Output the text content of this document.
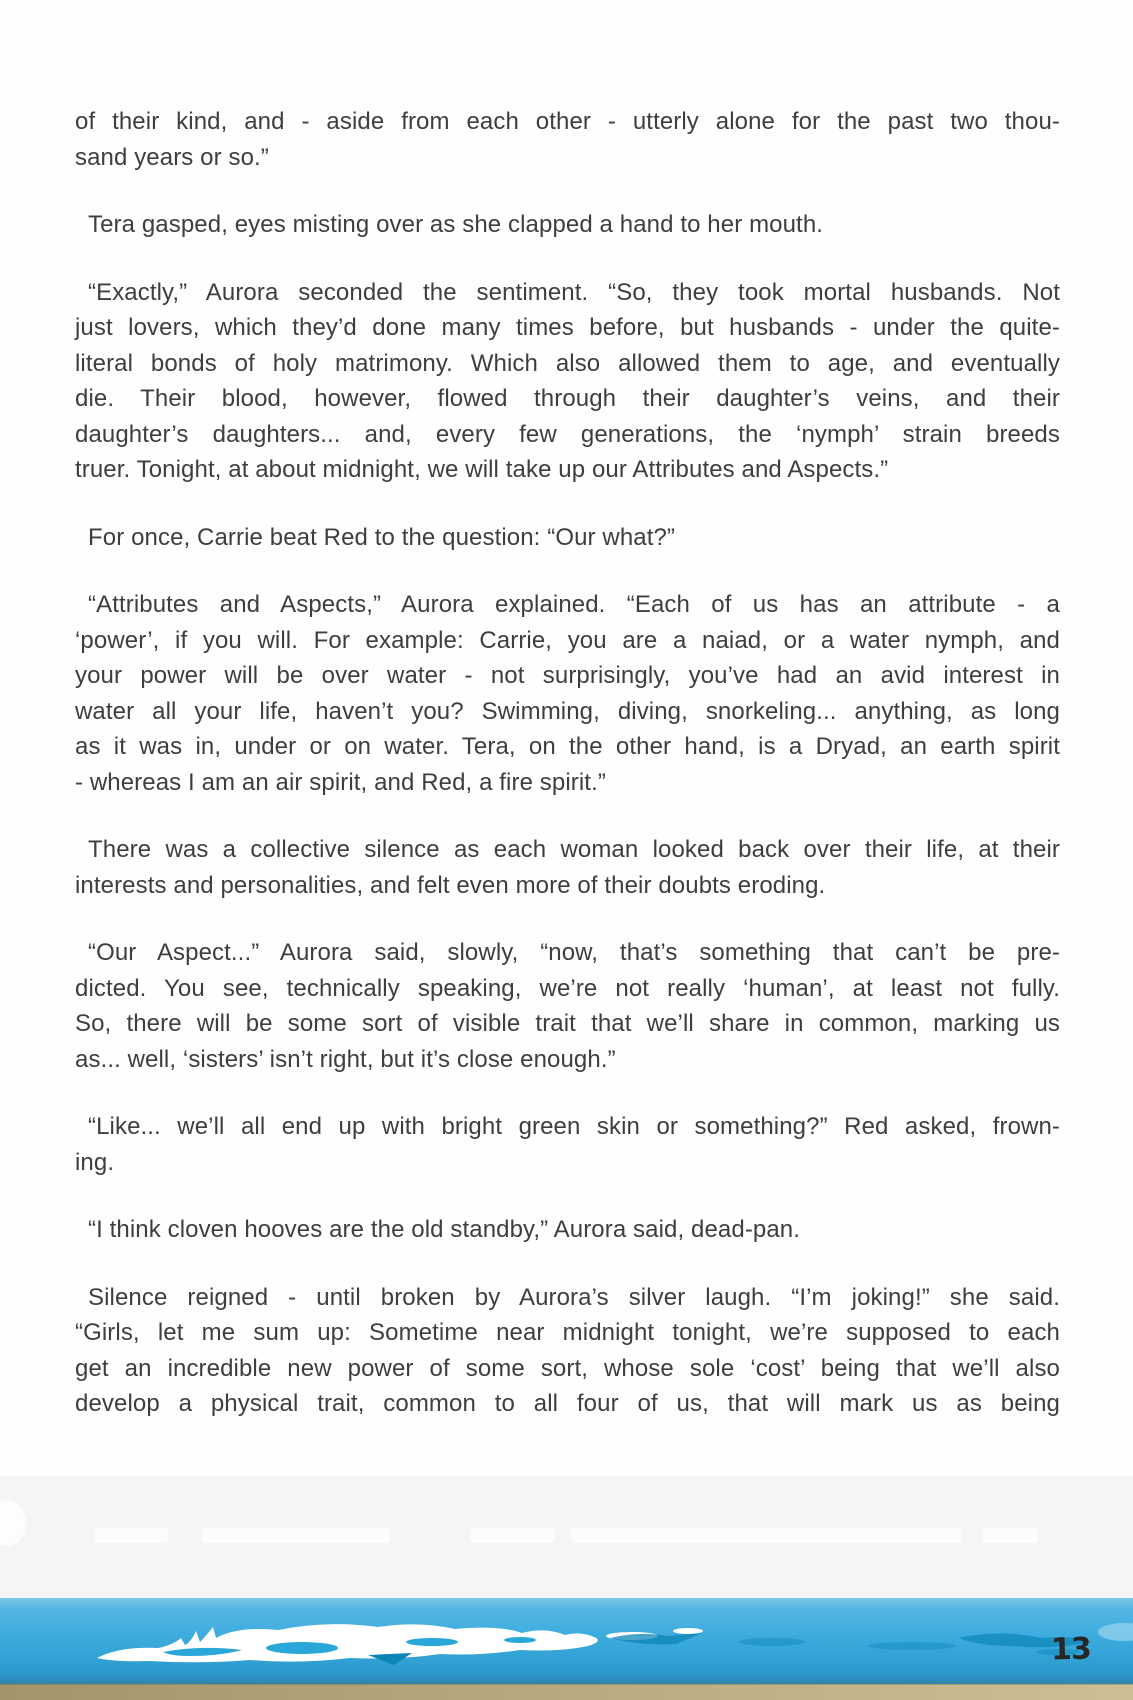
of their kind, and - aside from each other - utterly alone for the past two thou-
sand years or so.”
Tera gasped, eyes misting over as she clapped a hand to her mouth.
“Exactly,” Aurora seconded the sentiment. “So, they took mortal husbands. Not
just lovers, which they’d done many times before, but husbands - under the quite-
literal bonds of holy matrimony. Which also allowed them to age, and eventually
die. Their blood, however, flowed through their daughter’s veins, and their
daughter’s daughters... and, every few generations, the ‘nymph’ strain breeds
truer. Tonight, at about midnight, we will take up our Attributes and Aspects.”
For once, Carrie beat Red to the question: “Our what?”
“Attributes and Aspects,” Aurora explained. “Each of us has an attribute - a
‘power’, if you will. For example: Carrie, you are a naiad, or a water nymph, and
your power will be over water - not surprisingly, you’ve had an avid interest in
water all your life, haven’t you? Swimming, diving, snorkeling... anything, as long
as it was in, under or on water. Tera, on the other hand, is a Dryad, an earth spirit
- whereas I am an air spirit, and Red, a fire spirit.”
There was a collective silence as each woman looked back over their life, at their
interests and personalities, and felt even more of their doubts eroding.
“Our Aspect...” Aurora said, slowly, “now, that’s something that can’t be pre-
dicted. You see, technically speaking, we’re not really ‘human’, at least not fully.
So, there will be some sort of visible trait that we’ll share in common, marking us
as... well, ‘sisters’ isn’t right, but it’s close enough.”
“Like... we’ll all end up with bright green skin or something?” Red asked, frown-
ing.
“I think cloven hooves are the old standby,” Aurora said, dead-pan.
Silence reigned - until broken by Aurora’s silver laugh. “I’m joking!” she said.
“Girls, let me sum up: Sometime near midnight tonight, we’re supposed to each
get an incredible new power of some sort, whose sole ‘cost’ being that we’ll also
develop a physical trait, common to all four of us, that will mark us as being
13
